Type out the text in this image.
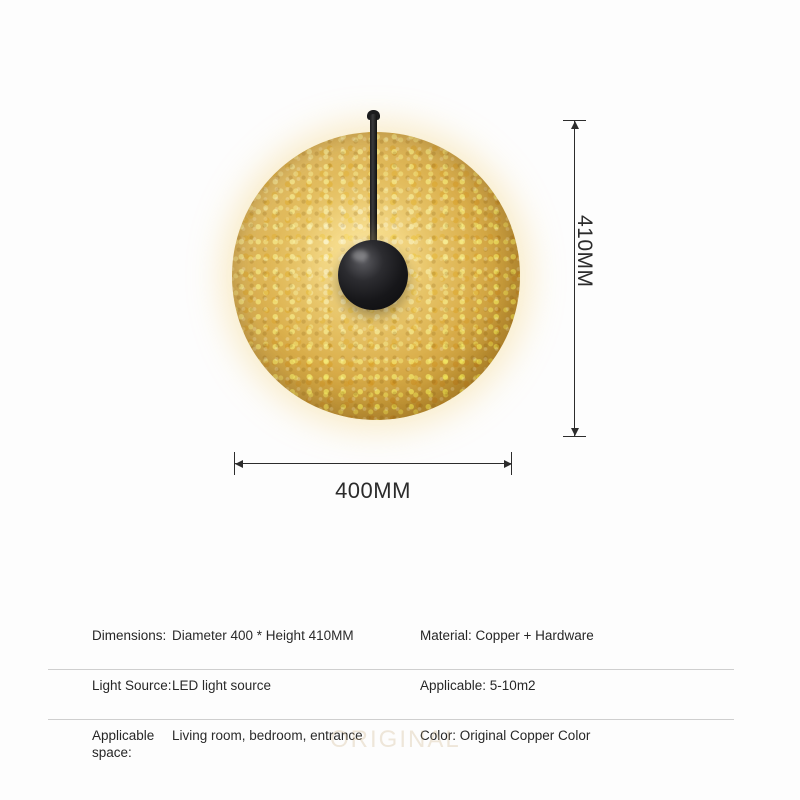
410MM
400MM
Dimensions: Diameter 400 * Height 410MM	Material: Copper + Hardware
Light Source: LED light source	Applicable: 5-10m2
Applicable space:
Living room, bedroom, entrance	Color: Original Copper Color
ORIGINAL
